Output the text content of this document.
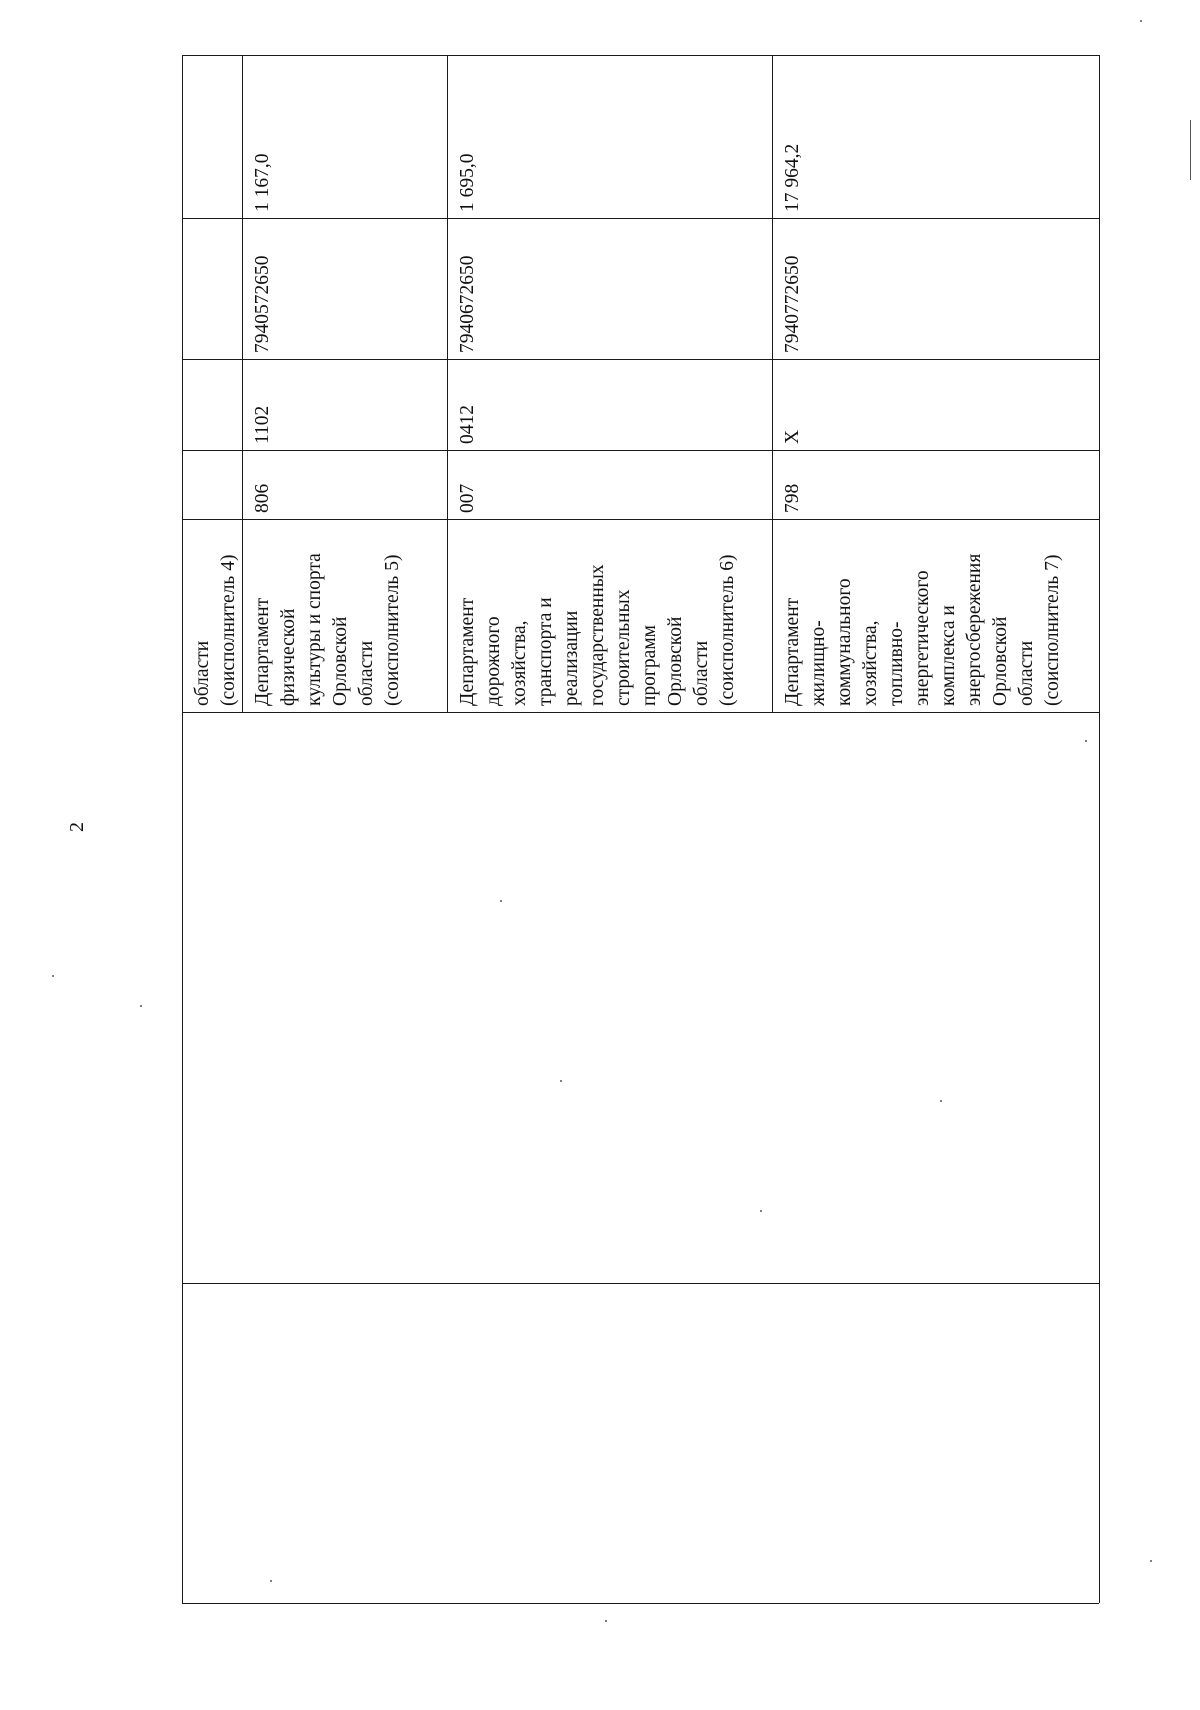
2
области (соисполнитель 4) Департамент физической культуры и спорта Орловской области (соисполнитель 5)
806
1102
7940572650
1 167,0
Департамент дорожного хозяйства, транспорта и реализации государственных строительных программ Орловской области (соисполнитель 6)
007
0412
7940672650
1 695,0
Департамент жилищно- коммунального хозяйства, топливно- энергетического комплекса и энергосбережения Орловской области (соисполнитель 7)
798
X
7940772650
17 964,2
